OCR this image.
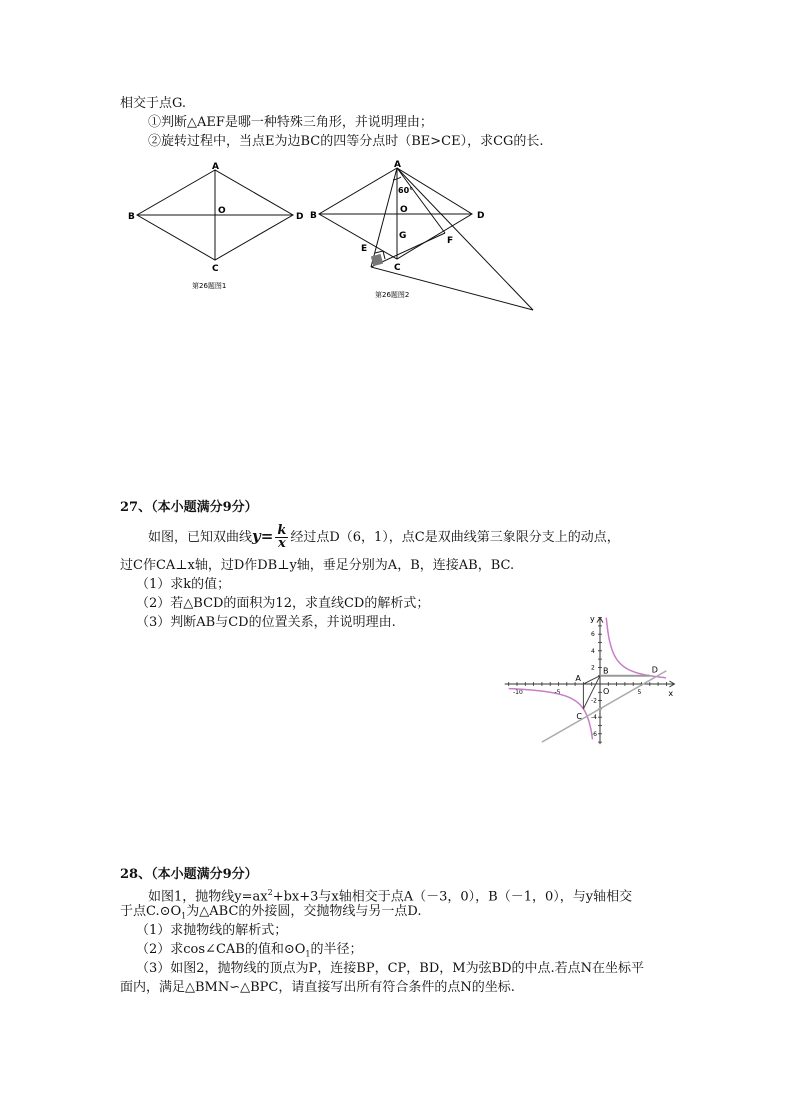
相交于点G.
①判断△AEF是哪一种特殊三角形，并说明理由；
②旋转过程中，当点E为边BC的四等分点时（BE>CE），求CG的长.
A
B
C
D
O
第26题图1
A
B
C
D
O
E
F
G
60°
第26题图2
27、（本小题满分9分）
如图，已知双曲线$y= \frac{k}{x}$ 经过点D（6，1），点C是双曲线第三象限分支上的动点，
过C作CA⊥x轴，过D作DB⊥y轴，垂足分别为A，B，连接AB，BC.
（1）求k的值；
（2）若△BCD的面积为12，求直线CD的解析式；
（3）判断AB与CD的位置关系，并说明理由.
-10	-5	5
6
4
2
-2
-4
-6
x
y
O
A
B
C
D
28、（本小题满分9分）
如图1，抛物线$y=ax^2+bx+3$与x轴相交于点A（－3，0），B（－1，0），与y轴相交
于点$C.⊙O_1$为△ABC的外接圆，交抛物线与另一点D.
（1）求抛物线的解析式；
（2）求cos∠CAB的值和$⊙O_1$的半径；
（3）如图2，抛物线的顶点为P，连接BP，CP，BD，M为弦BD的中点.若点N在坐标平
面内，满足△BMN∽△BPC，请直接写出所有符合条件的点N的坐标.
